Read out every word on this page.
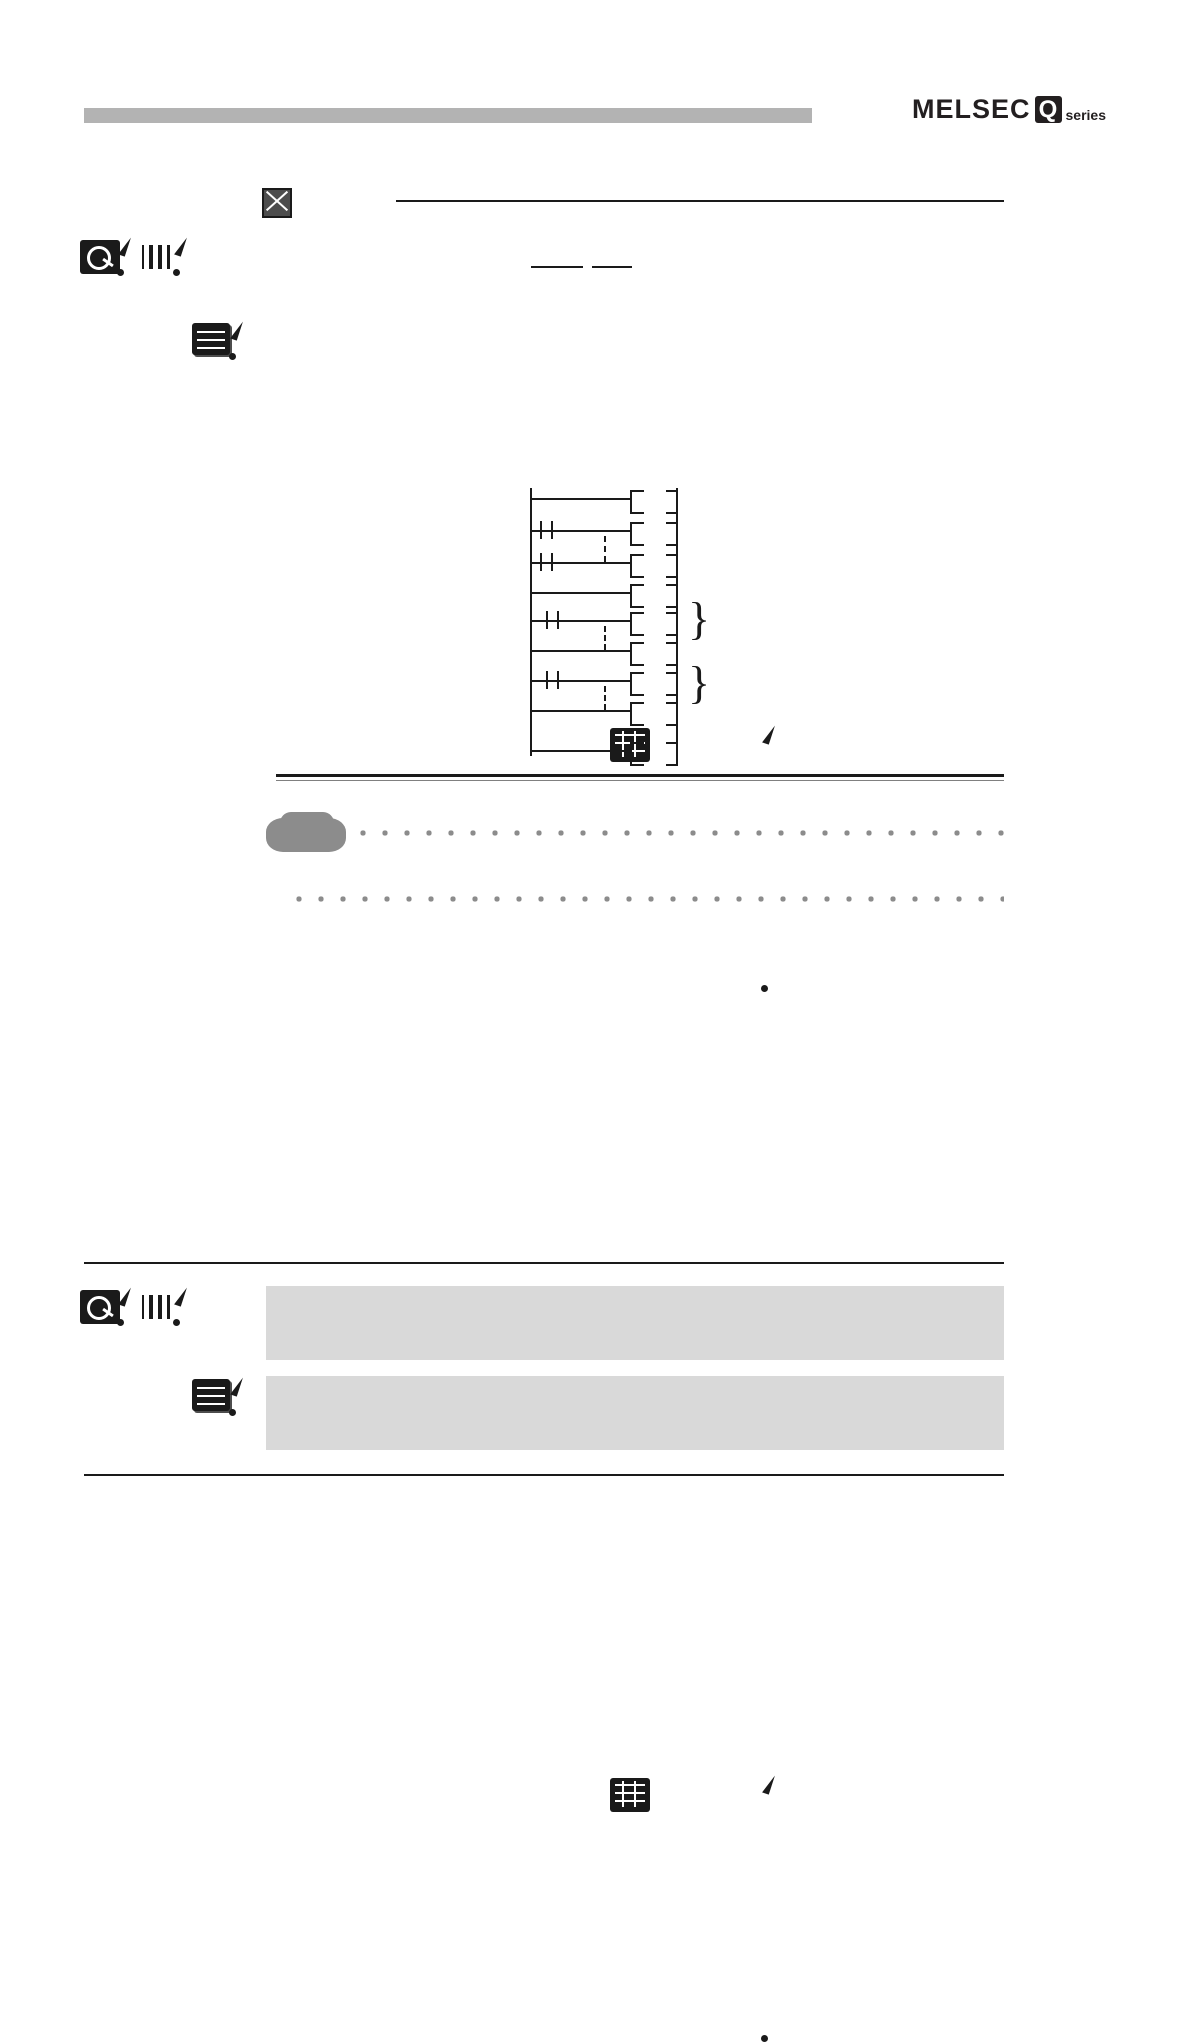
MELSEC Q series
}
}
